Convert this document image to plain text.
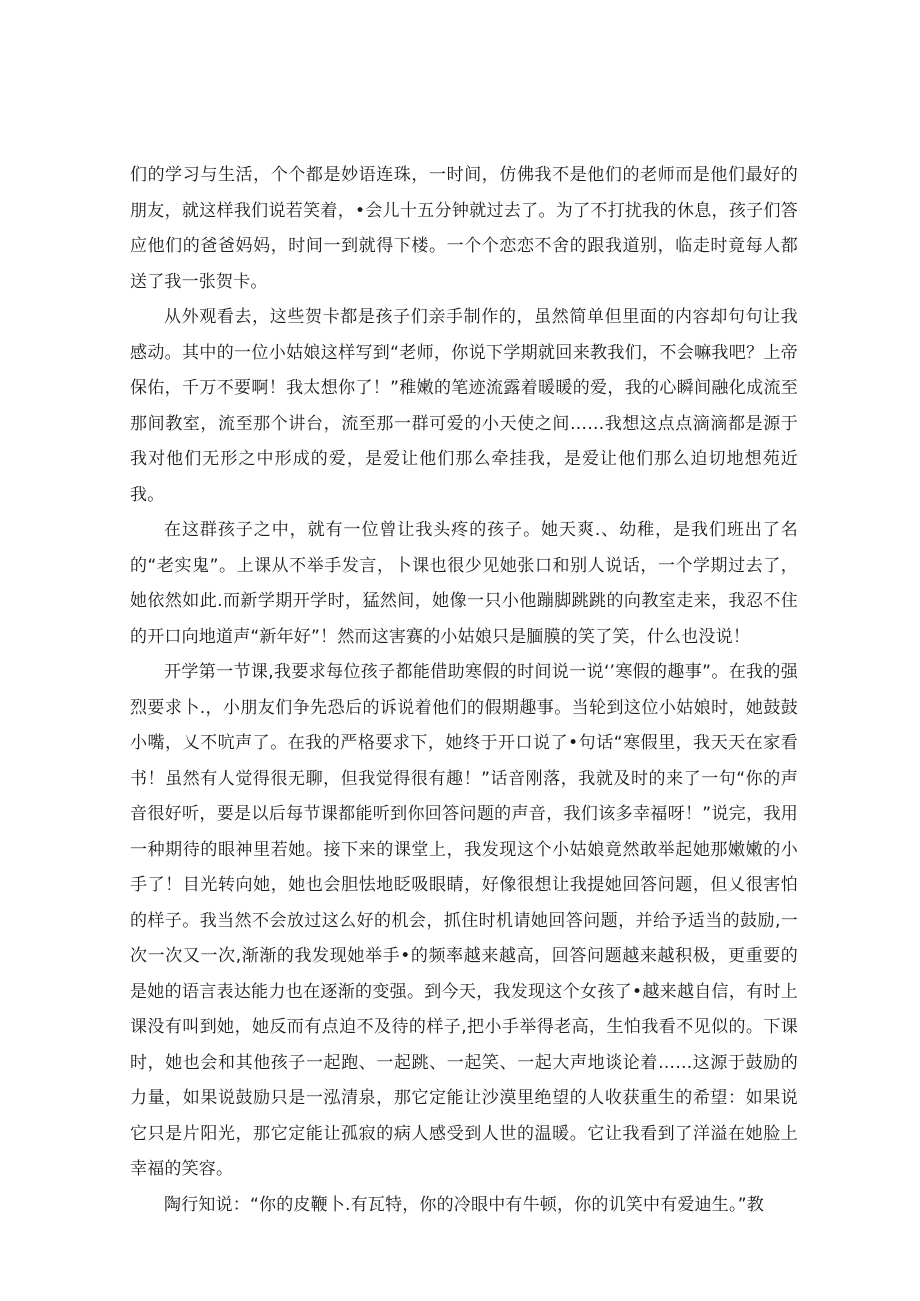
们的学习与生活，个个都是妙语连珠，一时间，仿佛我不是他们的老师而是他们最好的朋友，就这样我们说若笑着，•会儿十五分钟就过去了。为了不打扰我的休息，孩子们答应他们的爸爸妈妈，时间一到就得下楼。一个个恋恋不舍的跟我道别，临走时竟每人都送了我一张贺卡。

从外观看去，这些贺卡都是孩子们亲手制作的，虽然简单但里面的内容却句句让我感动。其中的一位小姑娘这样写到“老师，你说下学期就回来教我们，不会嘛我吧？上帝保佑，千万不要啊！我太想你了！”稚嫩的笔迹流露着暖暖的爱，我的心瞬间融化成流至那间教室，流至那个讲台，流至那一群可爱的小天使之间……我想这点点滴滴都是源于我对他们无形之中形成的爱，是爱让他们那么牵挂我，是爱让他们那么迫切地想苑近我。

在这群孩子之中，就有一位曾让我头疼的孩子。她天爽.、幼稚，是我们班出了名的“老实鬼”。上课从不举手发言，卜课也很少见她张口和别人说话，一个学期过去了，她依然如此.而新学期开学时，猛然间，她像一只小他蹦脚跳跳的向教室走来，我忍不住的开口向地道声“新年好”！然而这害赛的小姑娘只是腼膜的笑了笑，什么也没说！

开学第一节课,我要求每位孩子都能借助寒假的时间说一说‘’寒假的趣事”。在我的强烈要求卜.，小朋友们争先恐后的诉说着他们的假期趣事。当轮到这位小姑娘时，她鼓鼓小嘴，乂不吭声了。在我的严格要求下，她终于开口说了•句话“寒假里，我天天在家看书！虽然有人觉得很无聊，但我觉得很有趣！”话音刚落，我就及时的来了一句“你的声音很好听，要是以后每节课都能听到你回答问题的声音，我们该多幸福呀！”说完，我用一种期待的眼神里若她。接下来的课堂上，我发现这个小姑娘竟然敢举起她那嫩嫩的小手了！目光转向她，她也会胆怯地眨吸眼睛，好像很想让我提她回答问题，但乂很害怕的样子。我当然不会放过这么好的机会，抓住时机请她回答问题，并给予适当的鼓励,一次一次又一次,渐渐的我发现她举手•的频率越来越高，回答问题越来越积极，更重要的是她的语言表达能力也在逐渐的变强。到今天，我发现这个女孩了•越来越自信，有时上课没有叫到她，她反而有点迫不及待的样子,把小手举得老高，生怕我看不见似的。下课时，她也会和其他孩子一起跑、一起跳、一起笑、一起大声地谈论着……这源于鼓励的力量，如果说鼓励只是一泓清泉，那它定能让沙漠里绝望的人收获重生的希望：如果说它只是片阳光，那它定能让孤寂的病人感受到人世的温暖。它让我看到了洋溢在她脸上幸福的笑容。

陶行知说：“你的皮鞭卜.有瓦特，你的冷眼中有牛顿，你的讥笑中有爱迪生。”教
